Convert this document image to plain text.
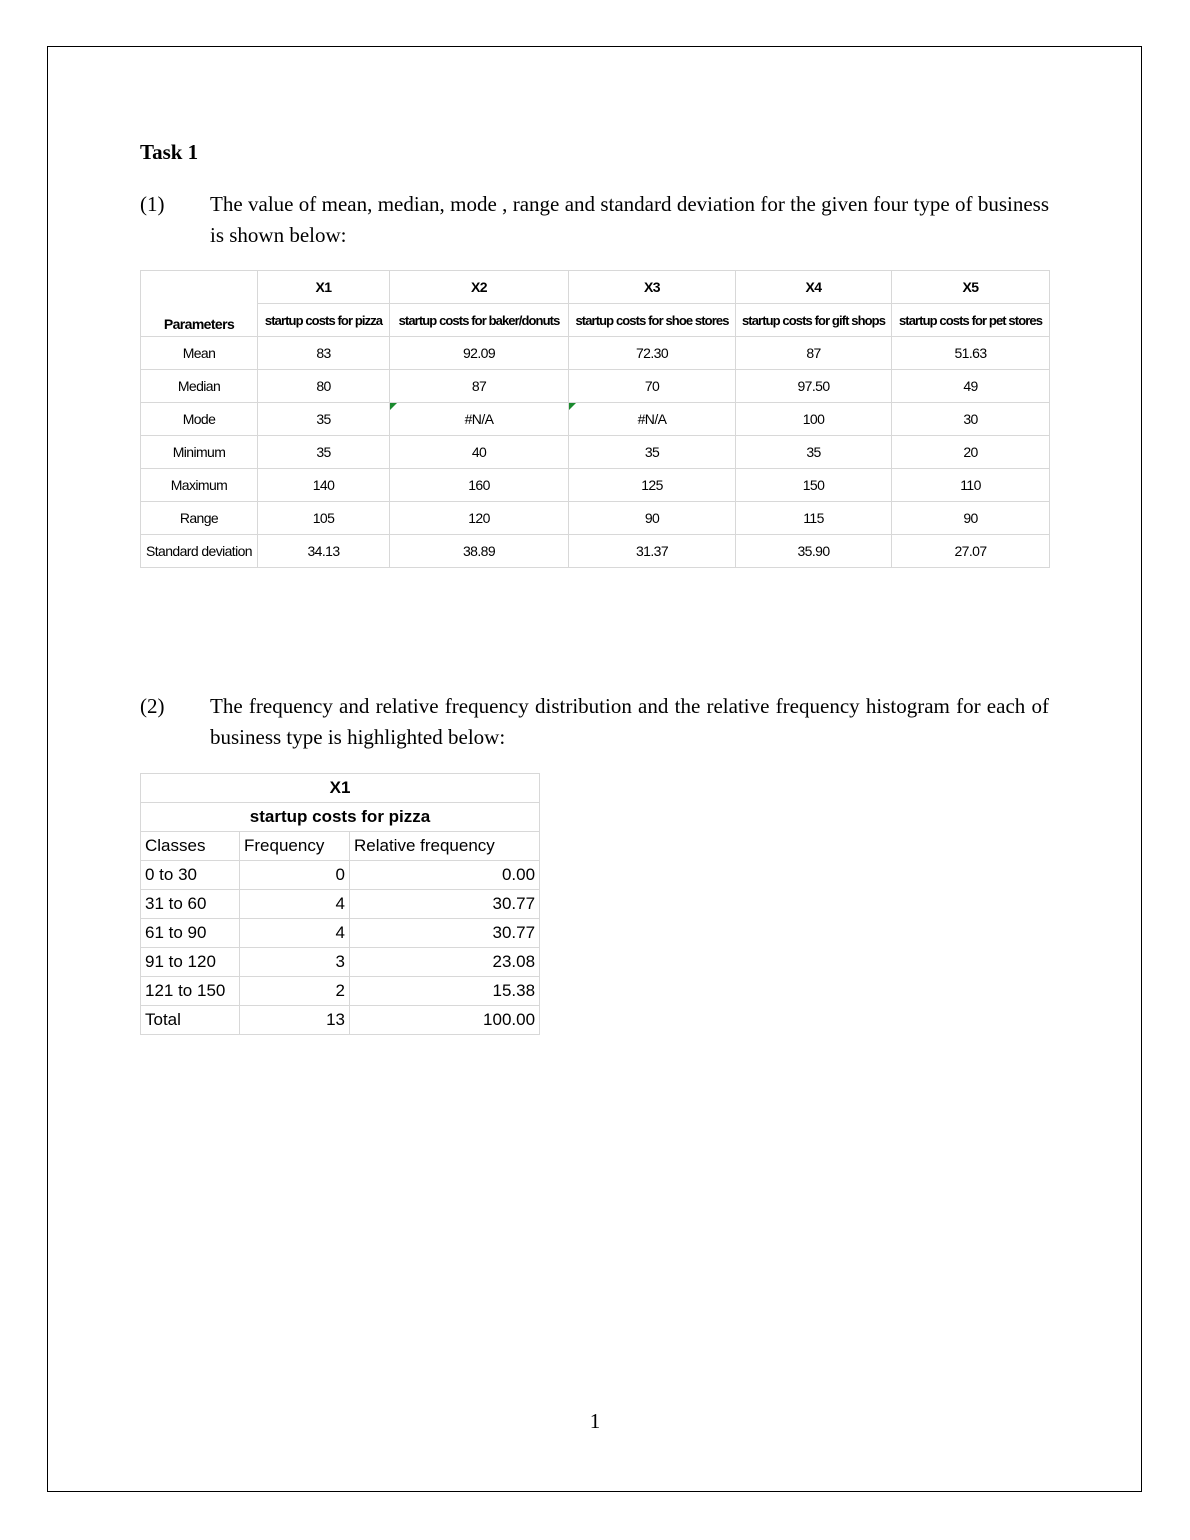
Task 1
(1) The value of mean, median, mode , range and standard deviation for the given four type of business is shown below:
Parameters	X1	X2	X3	X4	X5
	startup costs for pizza	startup costs for baker/donuts	startup costs for shoe stores	startup costs for gift shops	startup costs for pet stores
Mean	83	92.09	72.30	87	51.63
Median	80	87	70	97.50	49
Mode	35	#N/A	#N/A	100	30
Minimum	35	40	35	35	20
Maximum	140	160	125	150	110
Range	105	120	90	115	90
Standard deviation	34.13	38.89	31.37	35.90	27.07
(2) The frequency and relative frequency distribution and the relative frequency histogram for each of business type is highlighted below:
X1		
startup costs for pizza		
Classes	Frequency	Relative frequency
0 to 30	0	0.00
31 to 60	4	30.77
61 to 90	4	30.77
91 to 120	3	23.08
121 to 150	2	15.38
Total	13	100.00
1
